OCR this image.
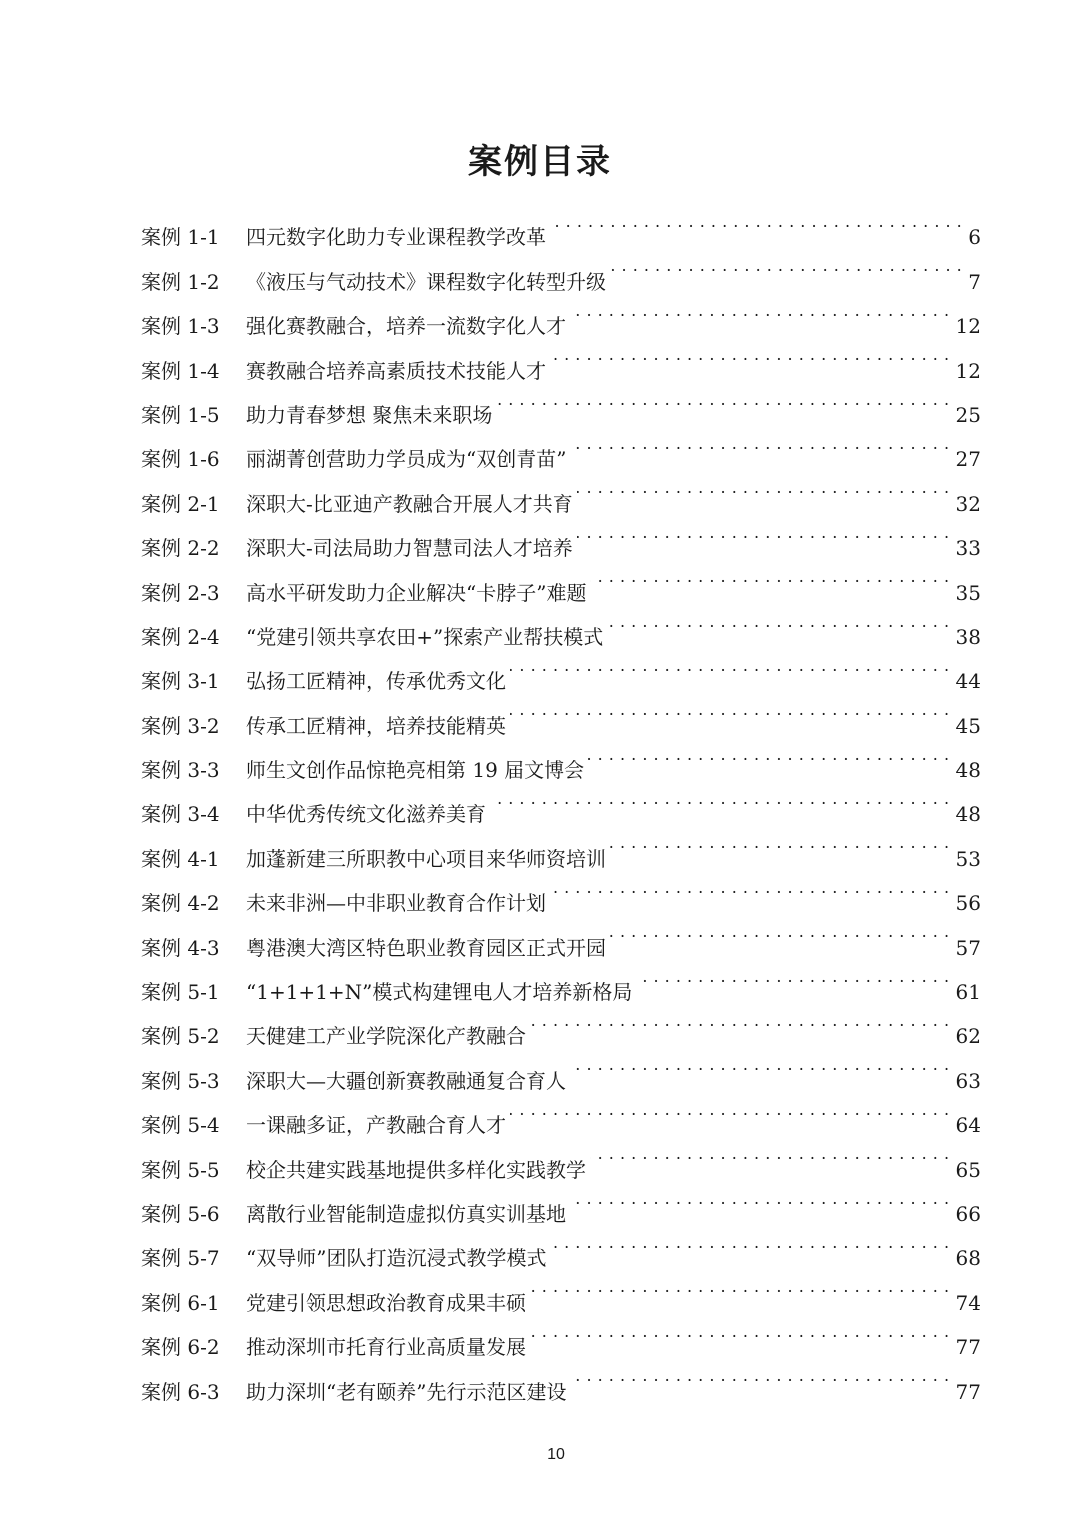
案例目录
案例 1-1	四元数字化助力专业课程教学改革 . . .	6
案例 1-2	《液压与气动技术》课程数字化转型升级 . . .	7
案例 1-3	强化赛教融合，培养一流数字化人才 . . .	12
案例 1-4	赛教融合培养高素质技术技能人才 . . .	12
案例 1-5	助力青春梦想 聚焦未来职场 . . .	25
案例 1-6	丽湖菁创营助力学员成为“双创青苗” . . .	27
案例 2-1	深职大-比亚迪产教融合开展人才共育 . . .	32
案例 2-2	深职大-司法局助力智慧司法人才培养 . . .	33
案例 2-3	高水平研发助力企业解决“卡脖子”难题 . . .	35
案例 2-4	“党建引领共享农田+”探索产业帮扶模式 . . .	38
案例 3-1	弘扬工匠精神，传承优秀文化 . . .	44
案例 3-2	传承工匠精神，培养技能精英 . . .	45
案例 3-3	师生文创作品惊艳亮相第 19 届文博会 . . .	48
案例 3-4	中华优秀传统文化滋养美育 . . .	48
案例 4-1	加蓬新建三所职教中心项目来华师资培训 . . .	53
案例 4-2	未来非洲—中非职业教育合作计划 . . .	56
案例 4-3	粤港澳大湾区特色职业教育园区正式开园 . . .	57
案例 5-1	“1+1+1+N”模式构建锂电人才培养新格局 . . .	61
案例 5-2	天健建工产业学院深化产教融合 . . .	62
案例 5-3	深职大—大疆创新赛教融通复合育人 . . .	63
案例 5-4	一课融多证，产教融合育人才 . . .	64
案例 5-5	校企共建实践基地提供多样化实践教学 . . .	65
案例 5-6	离散行业智能制造虚拟仿真实训基地 . . .	66
案例 5-7	“双导师”团队打造沉浸式教学模式 . . .	68
案例 6-1	党建引领思想政治教育成果丰硕 . . .	74
案例 6-2	推动深圳市托育行业高质量发展 . . .	77
案例 6-3	助力深圳“老有颐养”先行示范区建设 . . .	77
10
